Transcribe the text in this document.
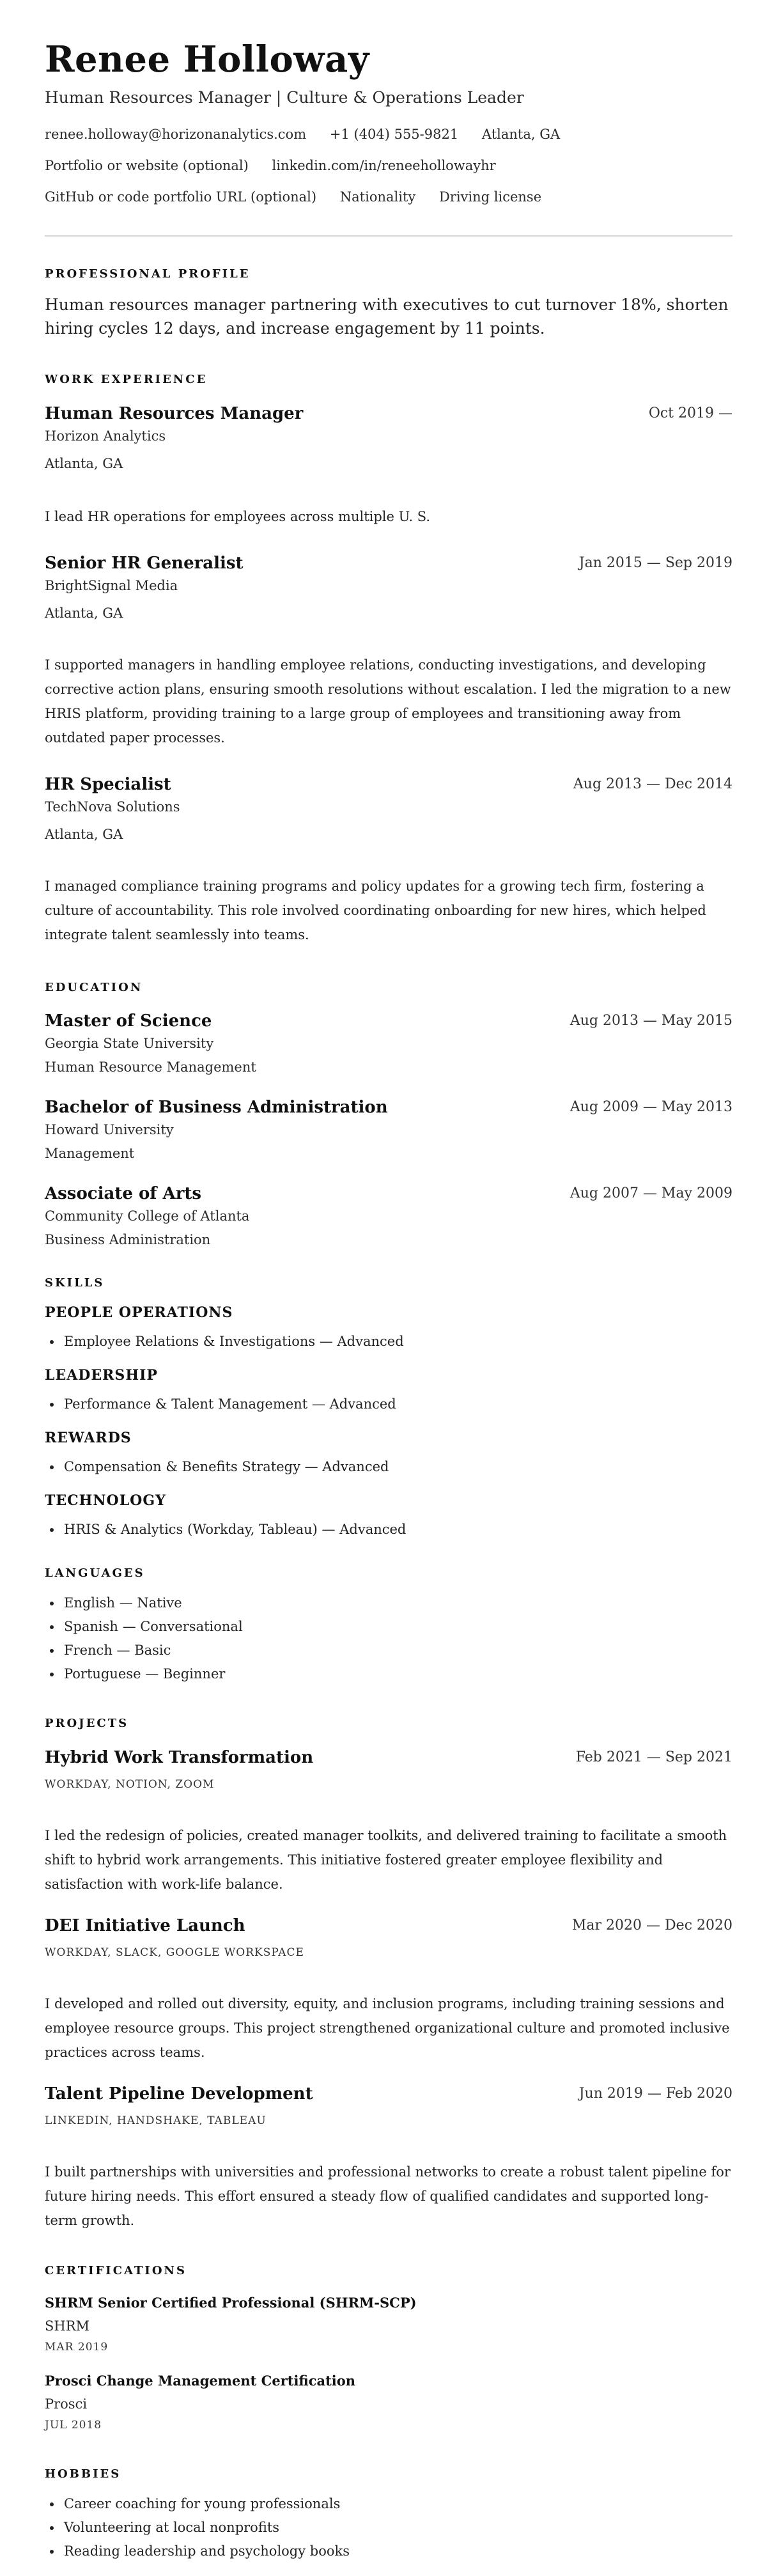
Renee Holloway
Human Resources Manager | Culture & Operations Leader
renee.holloway@horizonanalytics.com +1 (404) 555-9821 Atlanta, GA
Portfolio or website (optional) linkedin.com/in/reneehollowayhr
GitHub or code portfolio URL (optional) Nationality Driving license
PROFESSIONAL PROFILE
Human resources manager partnering with executives to cut turnover 18%, shorten hiring cycles 12 days, and increase engagement by 11 points.
WORK EXPERIENCE
Human Resources Manager	Oct 2019 —
Horizon Analytics
Atlanta, GA
I lead HR operations for employees across multiple U. S.
Senior HR Generalist	Jan 2015 — Sep 2019
BrightSignal Media
Atlanta, GA
I supported managers in handling employee relations, conducting investigations, and developing corrective action plans, ensuring smooth resolutions without escalation. I led the migration to a new HRIS platform, providing training to a large group of employees and transitioning away from outdated paper processes.
HR Specialist	Aug 2013 — Dec 2014
TechNova Solutions
Atlanta, GA
I managed compliance training programs and policy updates for a growing tech firm, fostering a culture of accountability. This role involved coordinating onboarding for new hires, which helped integrate talent seamlessly into teams.
EDUCATION
Master of Science	Aug 2013 — May 2015
Georgia State University
Human Resource Management
Bachelor of Business Administration	Aug 2009 — May 2013
Howard University
Management
Associate of Arts	Aug 2007 — May 2009
Community College of Atlanta
Business Administration
SKILLS
PEOPLE OPERATIONS
Employee Relations & Investigations — Advanced
LEADERSHIP
Performance & Talent Management — Advanced
REWARDS
Compensation & Benefits Strategy — Advanced
TECHNOLOGY
HRIS & Analytics (Workday, Tableau) — Advanced
LANGUAGES
English — Native
Spanish — Conversational
French — Basic
Portuguese — Beginner
PROJECTS
Hybrid Work Transformation	Feb 2021 — Sep 2021
WORKDAY, NOTION, ZOOM
I led the redesign of policies, created manager toolkits, and delivered training to facilitate a smooth shift to hybrid work arrangements. This initiative fostered greater employee flexibility and satisfaction with work-life balance.
DEI Initiative Launch	Mar 2020 — Dec 2020
WORKDAY, SLACK, GOOGLE WORKSPACE
I developed and rolled out diversity, equity, and inclusion programs, including training sessions and employee resource groups. This project strengthened organizational culture and promoted inclusive practices across teams.
Talent Pipeline Development	Jun 2019 — Feb 2020
LINKEDIN, HANDSHAKE, TABLEAU
I built partnerships with universities and professional networks to create a robust talent pipeline for future hiring needs. This effort ensured a steady flow of qualified candidates and supported long-term growth.
CERTIFICATIONS
SHRM Senior Certified Professional (SHRM-SCP)
SHRM
MAR 2019
Prosci Change Management Certification
Prosci
JUL 2018
HOBBIES
Career coaching for young professionals
Volunteering at local nonprofits
Reading leadership and psychology books
